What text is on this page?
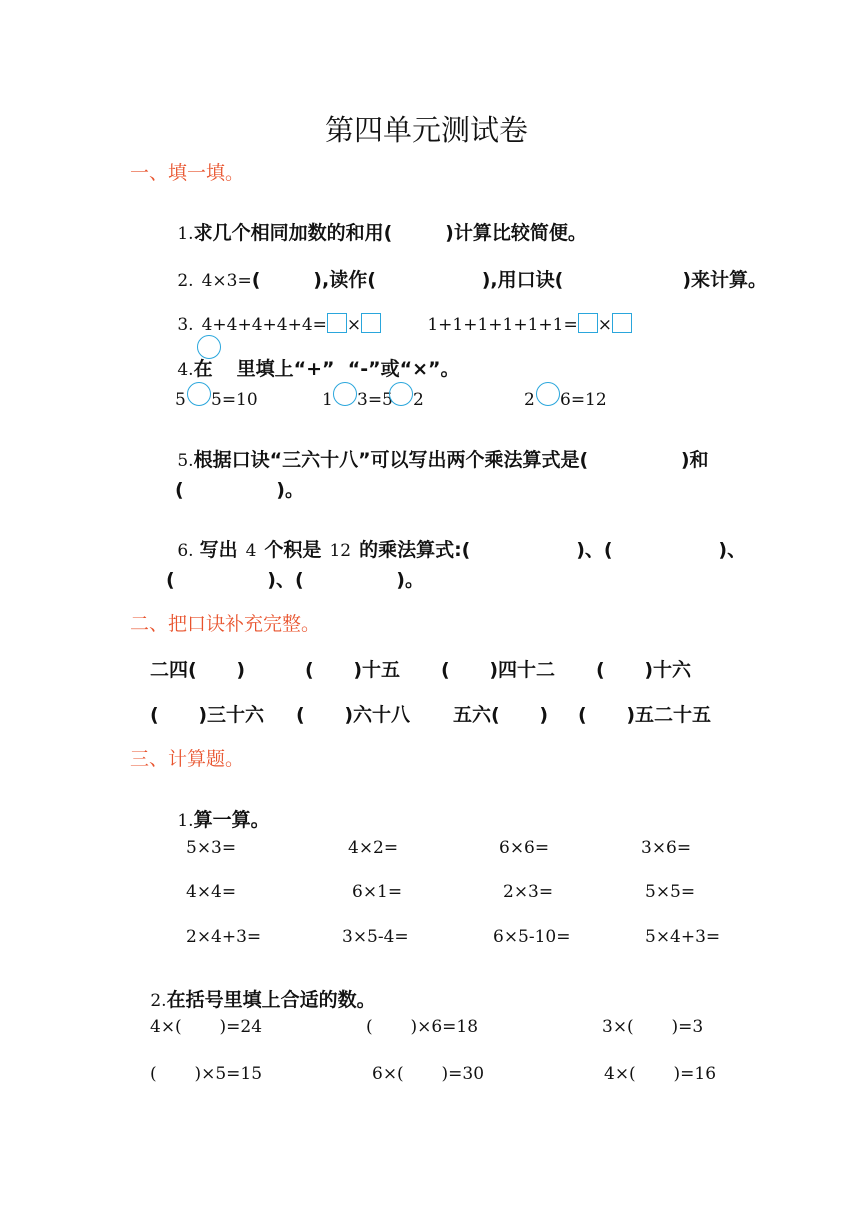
第四单元测试卷
一、填一填。

1.求几个相同加数的和用(        )计算比较简便。

2. 4×3=(        ),读作(                ),用口诀(                  )来计算。

3. 4+4+4+4+4= ×
	1+1+1+1+1+1= ×

4.在 里填上“+”  “-”或“×”。

5 5=10	1 3=5 2	2 6=12

5.根据口诀“三六十八”可以写出两个乘法算式是(              )和

(              )。

6. 写出 4 个积是 12 的乘法算式:(                )、(                )、

(              )、(              )。
二、把口诀补充完整。
二四(      )	(      )十五 (      )四十二 (      )十六
(      )三十六 (      )六十八 五六(      ) (      )五二十五
三、计算题。

1.算一算。

5×3=	4×2=	6×6=	3×6=
4×4=	6×1=	2×3=	5×5=
2×4+3=	3×5-4=	6×5-10=	5×4+3=

2.在括号里填上合适的数。

4×(       )=24	(       )×6=18	3×(       )=3
(       )×5=15	6×(       )=30	4×(       )=16
